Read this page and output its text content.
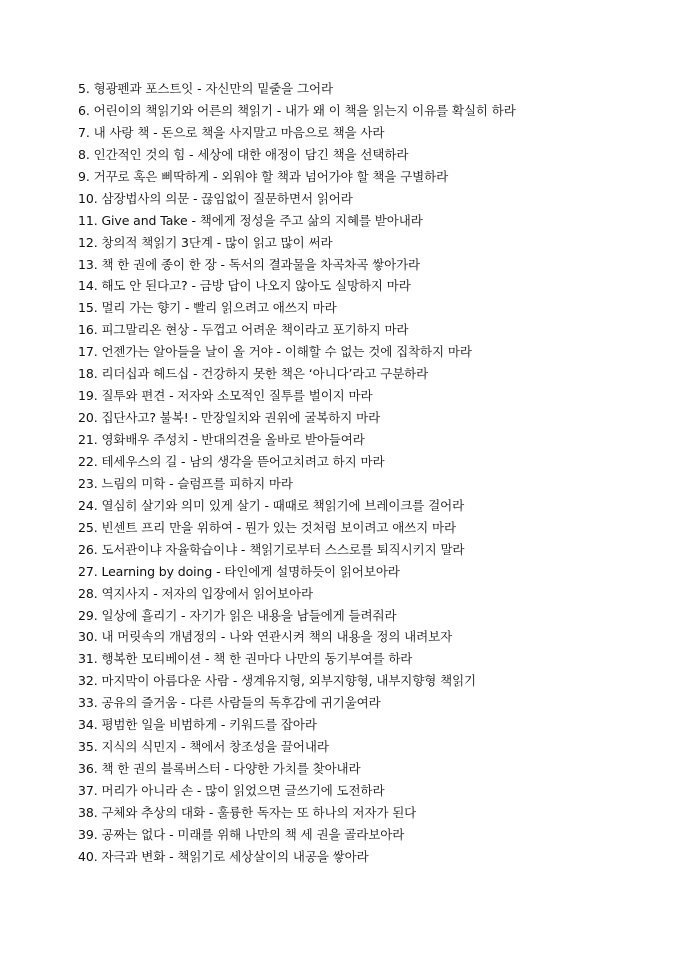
5. 형광펜과 포스트잇 - 자신만의 밑줄을 그어라
6. 어린이의 책읽기와 어른의 책읽기 - 내가 왜 이 책을 읽는지 이유를 확실히 하라
7. 내 사랑 책 - 돈으로 책을 사지말고 마음으로 책을 사라
8. 인간적인 것의 힘 - 세상에 대한 애정이 담긴 책을 선택하라
9. 거꾸로 혹은 삐딱하게 - 외워야 할 책과 넘어가야 할 책을 구별하라
10. 삼장법사의 의문 - 끊임없이 질문하면서 읽어라
11. Give and Take - 책에게 정성을 주고 삶의 지혜를 받아내라
12. 창의적 책읽기 3단계 - 많이 읽고 많이 써라
13. 책 한 권에 종이 한 장 - 독서의 결과물을 차곡차곡 쌓아가라
14. 해도 안 된다고? - 금방 답이 나오지 않아도 실망하지 마라
15. 멀리 가는 향기 - 빨리 읽으려고 애쓰지 마라
16. 피그말리온 현상 - 두껍고 어려운 책이라고 포기하지 마라
17. 언젠가는 알아들을 날이 올 거야 - 이해할 수 없는 것에 집착하지 마라
18. 리더십과 헤드십 - 건강하지 못한 책은 ‘아니다’라고 구분하라
19. 질투와 편견 - 저자와 소모적인 질투를 벌이지 마라
20. 집단사고? 불복! - 만장일치와 권위에 굴복하지 마라
21. 영화배우 주성치 - 반대의견을 올바로 받아들여라
22. 테세우스의 길 - 남의 생각을 뜯어고치려고 하지 마라
23. 느림의 미학 - 슬럼프를 피하지 마라
24. 열심히 살기와 의미 있게 살기 - 때때로 책읽기에 브레이크를 걸어라
25. 빈센트 프리 만을 위하여 - 뭔가 있는 것처럼 보이려고 애쓰지 마라
26. 도서관이냐 자율학습이냐 - 책읽기로부터 스스로를 퇴직시키지 말라
27. Learning by doing - 타인에게 설명하듯이 읽어보아라
28. 역지사지 - 저자의 입장에서 읽어보아라
29. 일상에 흘리기 - 자기가 읽은 내용을 남들에게 들려줘라
30. 내 머릿속의 개념정의 - 나와 연관시켜 책의 내용을 정의 내려보자
31. 행복한 모티베이션 - 책 한 권마다 나만의 동기부여를 하라
32. 마지막이 아름다운 사람 - 생계유지형, 외부지향형, 내부지향형 책읽기
33. 공유의 즐거움 - 다른 사람들의 독후감에 귀기울여라
34. 평범한 일을 비범하게 - 키워드를 잡아라
35. 지식의 식민지 - 책에서 창조성을 끌어내라
36. 책 한 권의 블록버스터 - 다양한 가치를 찾아내라
37. 머리가 아니라 손 - 많이 읽었으면 글쓰기에 도전하라
38. 구체와 추상의 대화 - 훌륭한 독자는 또 하나의 저자가 된다
39. 공짜는 없다 - 미래를 위해 나만의 책 세 권을 골라보아라
40. 자극과 변화 - 책읽기로 세상살이의 내공을 쌓아라
